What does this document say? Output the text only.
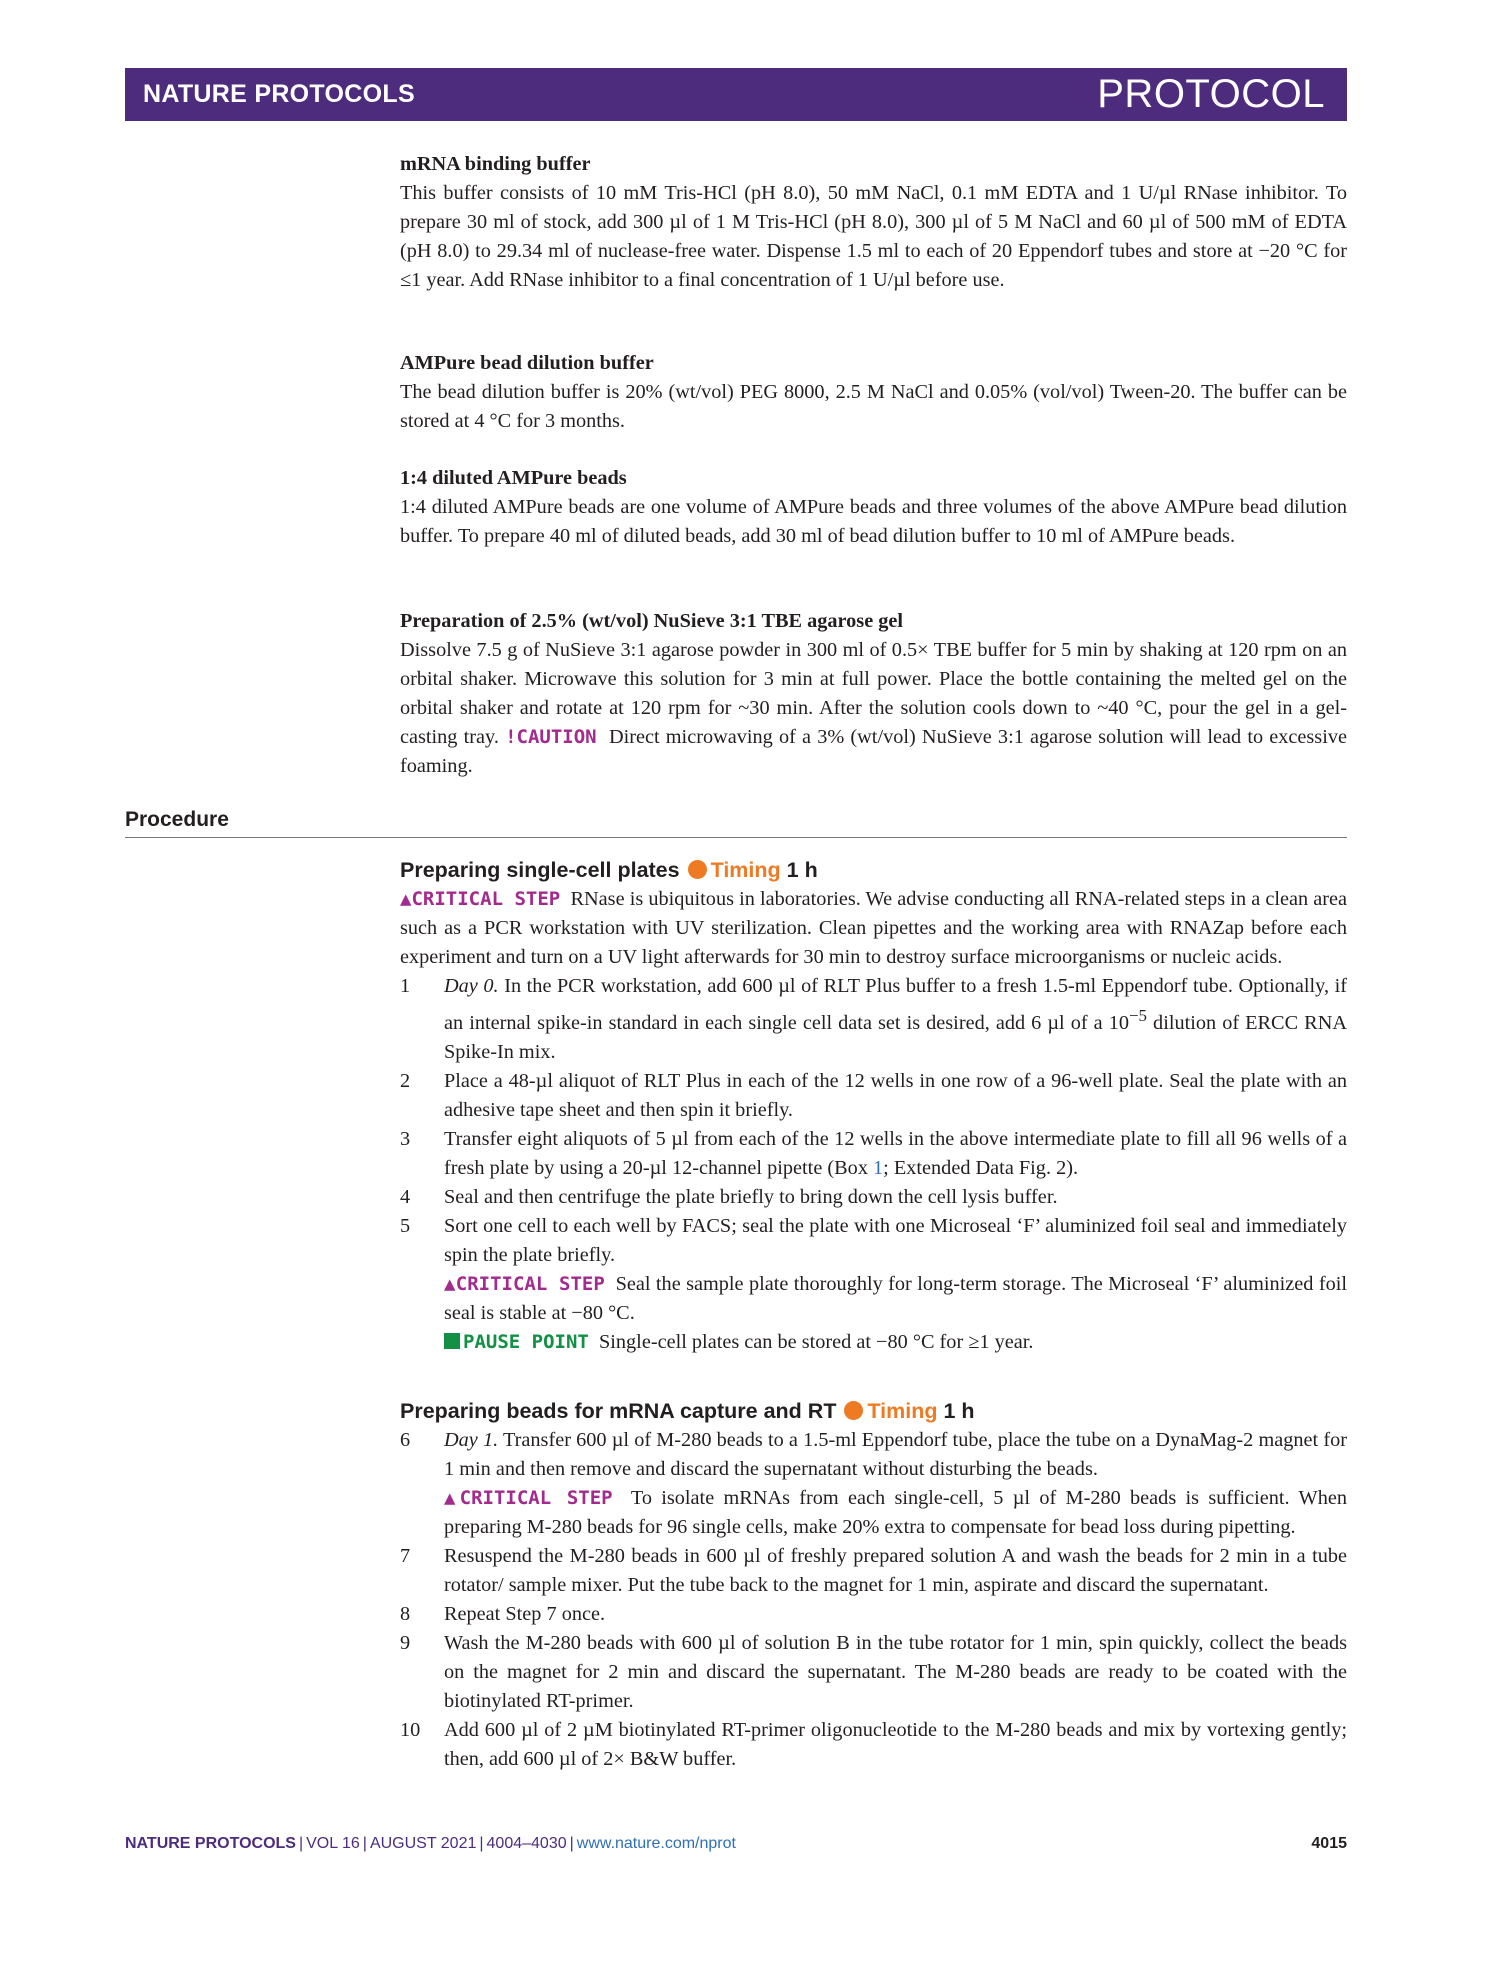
NATURE PROTOCOLS	PROTOCOL

mRNA binding buffer

This buffer consists of 10 mM Tris-HCl (pH 8.0), 50 mM NaCl, 0.1 mM EDTA and 1 U/µl RNase inhibitor. To prepare 30 ml of stock, add 300 µl of 1 M Tris-HCl (pH 8.0), 300 µl of 5 M NaCl and 60 µl of 500 mM of EDTA (pH 8.0) to 29.34 ml of nuclease-free water. Dispense 1.5 ml to each of 20 Eppendorf tubes and store at −20 °C for ≤1 year. Add RNase inhibitor to a final concentration of 1 U/µl before use.

AMPure bead dilution buffer

The bead dilution buffer is 20% (wt/vol) PEG 8000, 2.5 M NaCl and 0.05% (vol/vol) Tween-20. The buffer can be stored at 4 °C for 3 months.

1:4 diluted AMPure beads

1:4 diluted AMPure beads are one volume of AMPure beads and three volumes of the above AMPure bead dilution buffer. To prepare 40 ml of diluted beads, add 30 ml of bead dilution buffer to 10 ml of AMPure beads.

Preparation of 2.5% (wt/vol) NuSieve 3:1 TBE agarose gel

Dissolve 7.5 g of NuSieve 3:1 agarose powder in 300 ml of 0.5× TBE buffer for 5 min by shaking at 120 rpm on an orbital shaker. Microwave this solution for 3 min at full power. Place the bottle containing the melted gel on the orbital shaker and rotate at 120 rpm for ~30 min. After the solution cools down to ~40 °C, pour the gel in a gel-casting tray. !CAUTION Direct microwaving of a 3% (wt/vol) NuSieve 3:1 agarose solution will lead to excessive foaming.

Procedure

Preparing single-cell plates Timing 1 h

▲CRITICAL STEP RNase is ubiquitous in laboratories. We advise conducting all RNA-related steps in a clean area such as a PCR workstation with UV sterilization. Clean pipettes and the working area with RNAZap before each experiment and turn on a UV light afterwards for 30 min to destroy surface microorganisms or nucleic acids.

1 Day 0. In the PCR workstation, add 600 µl of RLT Plus buffer to a fresh 1.5-ml Eppendorf tube. Optionally, if an internal spike-in standard in each single cell data set is desired, add 6 µl of a $10^{-5}$ dilution of ERCC RNA Spike-In mix.
2 Place a 48-µl aliquot of RLT Plus in each of the 12 wells in one row of a 96-well plate. Seal the plate with an adhesive tape sheet and then spin it briefly.
3 Transfer eight aliquots of 5 µl from each of the 12 wells in the above intermediate plate to fill all 96 wells of a fresh plate by using a 20-µl 12-channel pipette (Box 1; Extended Data Fig. 2).
4 Seal and then centrifuge the plate briefly to bring down the cell lysis buffer.
5 Sort one cell to each well by FACS; seal the plate with one Microseal ‘F’ aluminized foil seal and immediately spin the plate briefly.
▲CRITICAL STEP Seal the sample plate thoroughly for long-term storage. The Microseal ‘F’ aluminized foil seal is stable at −80 °C.
PAUSE POINT Single-cell plates can be stored at −80 °C for ≥1 year.

Preparing beads for mRNA capture and RT Timing 1 h

6 Day 1. Transfer 600 µl of M-280 beads to a 1.5-ml Eppendorf tube, place the tube on a DynaMag-2 magnet for 1 min and then remove and discard the supernatant without disturbing the beads.
▲CRITICAL STEP To isolate mRNAs from each single-cell, 5 µl of M-280 beads is sufficient. When preparing M-280 beads for 96 single cells, make 20% extra to compensate for bead loss during pipetting.
7 Resuspend the M-280 beads in 600 µl of freshly prepared solution A and wash the beads for 2 min in a tube rotator/ sample mixer. Put the tube back to the magnet for 1 min, aspirate and discard the supernatant.
8 Repeat Step 7 once.
9 Wash the M-280 beads with 600 µl of solution B in the tube rotator for 1 min, spin quickly, collect the beads on the magnet for 2 min and discard the supernatant. The M-280 beads are ready to be coated with the biotinylated RT-primer.
10 Add 600 µl of 2 µM biotinylated RT-primer oligonucleotide to the M-280 beads and mix by vortexing gently; then, add 600 µl of 2× B&W buffer.
NATURE PROTOCOLS | VOL 16 | AUGUST 2021 | 4004–4030 | www.nature.com/nprot	4015
